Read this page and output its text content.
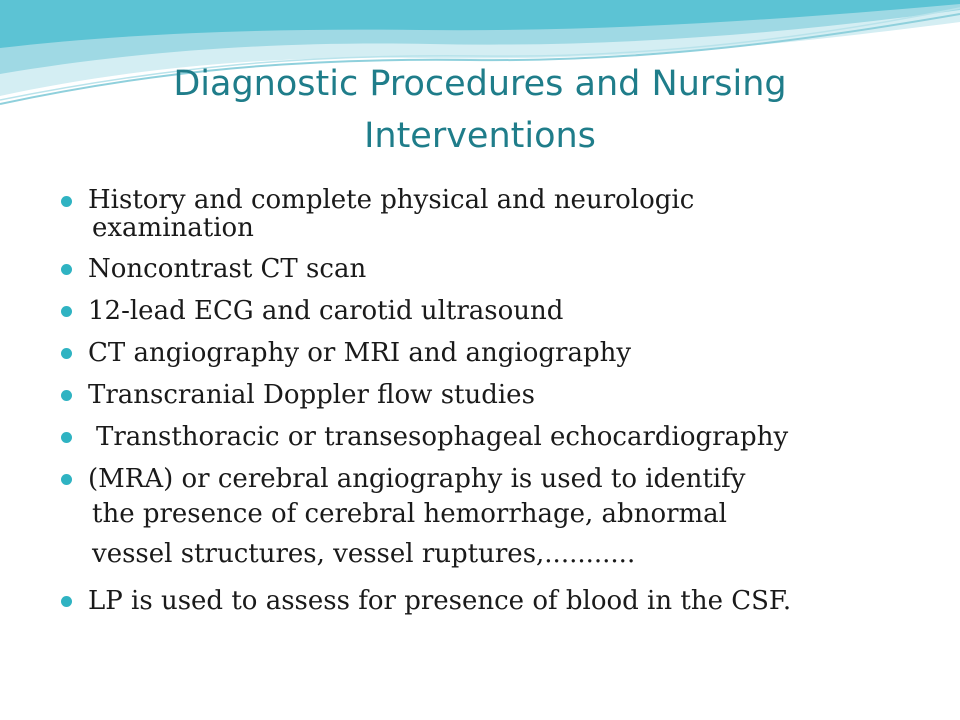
Diagnostic Procedures and Nursing Interventions
History and complete physical and neurologic
examination
Noncontrast CT scan
12-lead ECG and carotid ultrasound
CT angiography or MRI and angiography
Transcranial Doppler flow studies
Transthoracic or transesophageal echocardiography
(MRA) or cerebral angiography is used to identify
the presence of cerebral hemorrhage, abnormal
vessel structures, vessel ruptures,...........
LP is used to assess for presence of blood in the CSF.
